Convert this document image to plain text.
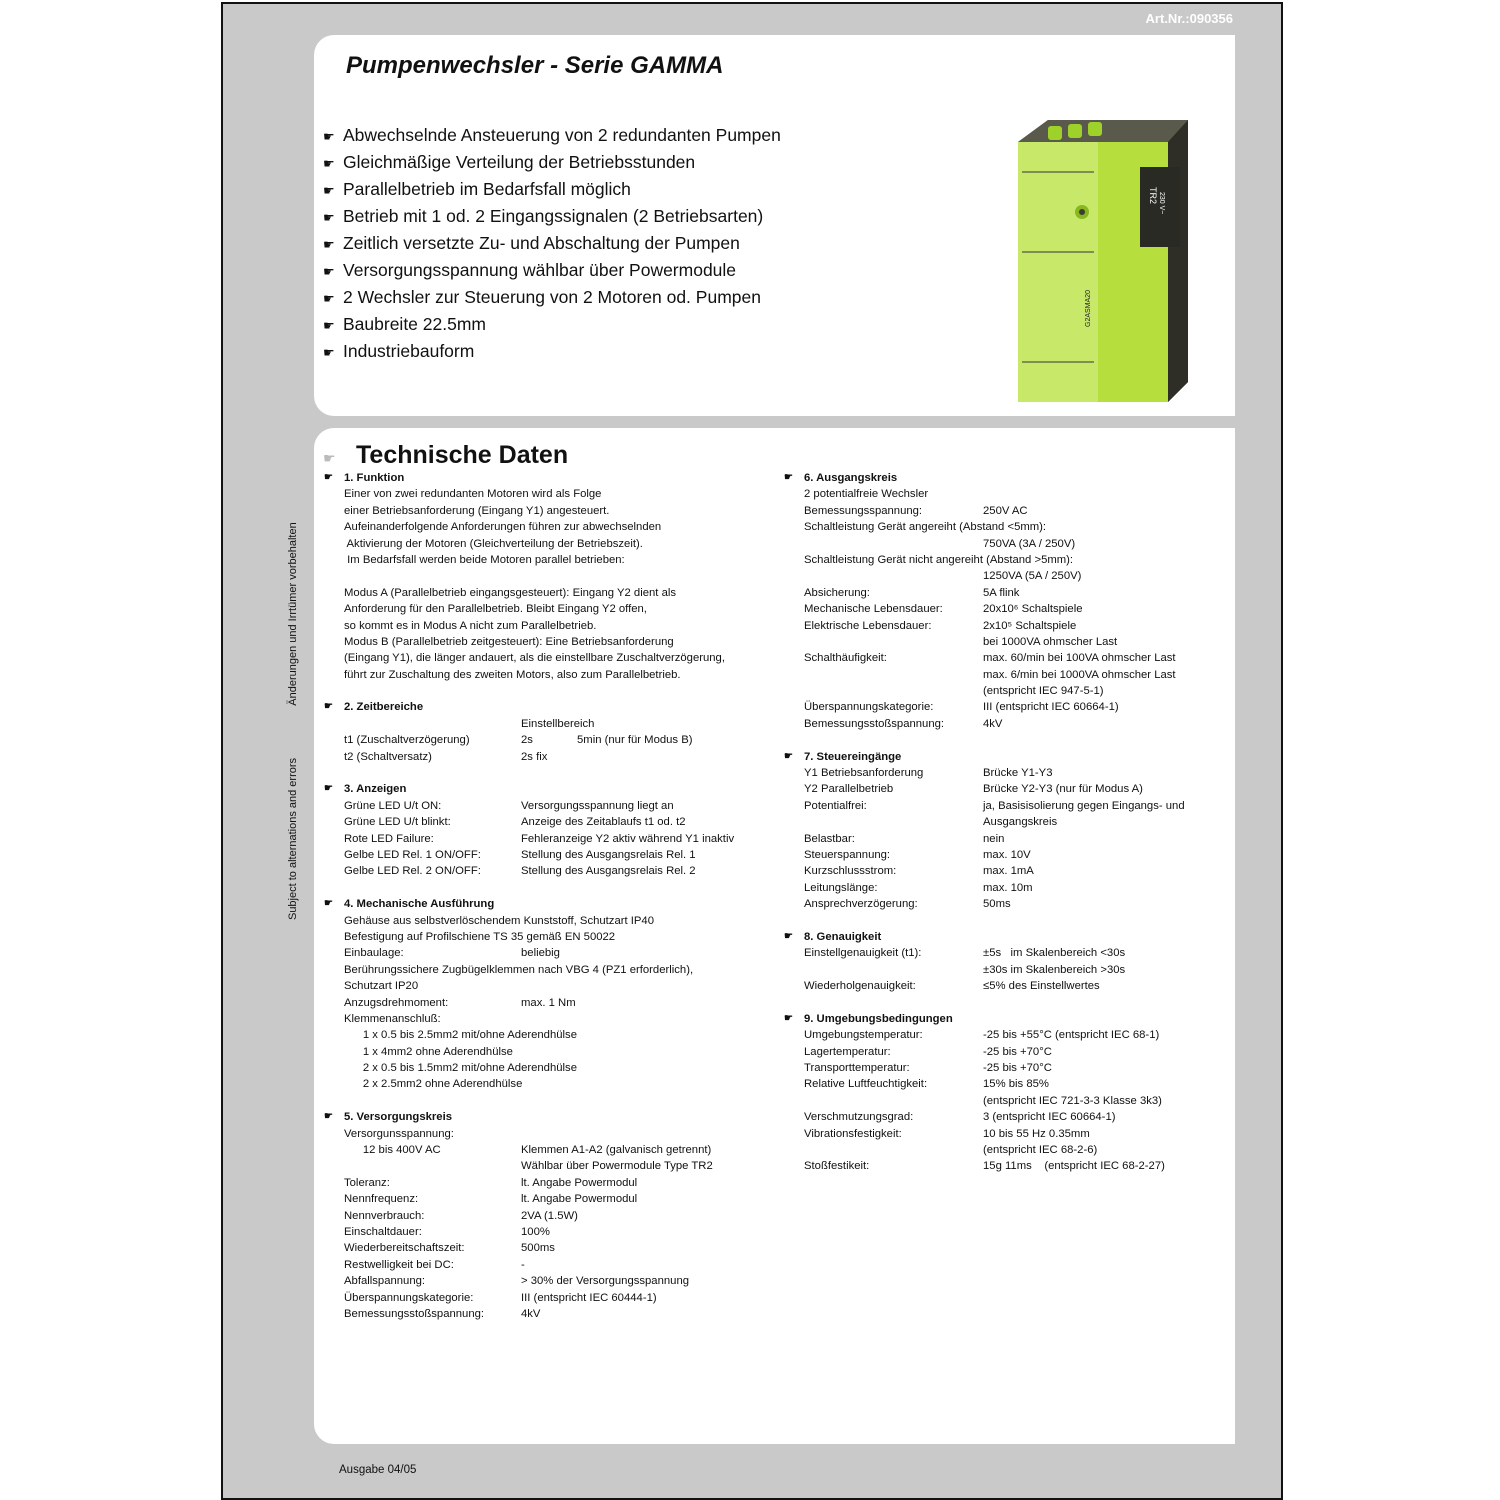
Art.Nr.:090356
Pumpenwechsler - Serie GAMMA	G2ASMA20
☛ Abwechselnde Ansteuerung von 2 redundanten Pumpen
☛ Gleichmäßige Verteilung der Betriebsstunden
☛ Parallelbetrieb im Bedarfsfall möglich
☛ Betrieb mit 1 od. 2 Eingangssignalen (2 Betriebsarten)
☛ Zeitlich versetzte Zu- und Abschaltung der Pumpen
☛ Versorgungsspannung wählbar über Powermodule
☛ 2 Wechsler zur Steuerung von 2 Motoren od. Pumpen
☛ Baubreite 22.5mm
☛ Industriebauform
TR2 230 V~
G2ASMA20
☛ Technische Daten
Änderungen und Irrtümer vorbehalten
Subject to alternations and errors
☛ 1. Funktion
Einer von zwei redundanten Motoren wird als Folge
einer Betriebsanforderung (Eingang Y1) angesteuert.
Aufeinanderfolgende Anforderungen führen zur abwechselnden
Aktivierung der Motoren (Gleichverteilung der Betriebszeit).
Im Bedarfsfall werden beide Motoren parallel betrieben:
Modus A (Parallelbetrieb eingangsgesteuert): Eingang Y2 dient als
Anforderung für den Parallelbetrieb. Bleibt Eingang Y2 offen,
so kommt es in Modus A nicht zum Parallelbetrieb.
Modus B (Parallelbetrieb zeitgesteuert): Eine Betriebsanforderung
(Eingang Y1), die länger andauert, als die einstellbare Zuschaltverzögerung,
führt zur Zuschaltung des zweiten Motors, also zum Parallelbetrieb.
☛ 2. Zeitbereiche
Einstellbereich
t1 (Zuschaltverzögerung)	2s	5min (nur für Modus B)
t2 (Schaltversatz)	2s fix
☛ 3. Anzeigen
Grüne LED U/t ON:	Versorgungsspannung liegt an
Grüne LED U/t blinkt:	Anzeige des Zeitablaufs t1 od. t2
Rote LED Failure:	Fehleranzeige Y2 aktiv während Y1 inaktiv
Gelbe LED Rel. 1 ON/OFF:	Stellung des Ausgangsrelais Rel. 1
Gelbe LED Rel. 2 ON/OFF:	Stellung des Ausgangsrelais Rel. 2
☛ 4. Mechanische Ausführung
Gehäuse aus selbstverlöschendem Kunststoff, Schutzart IP40
Befestigung auf Profilschiene TS 35 gemäß EN 50022
Einbaulage:	beliebig
Berührungssichere Zugbügelklemmen nach VBG 4 (PZ1 erforderlich),
Schutzart IP20
Anzugsdrehmoment:	max. 1 Nm
Klemmenanschluß:
1 x 0.5 bis 2.5mm2 mit/ohne Aderendhülse
1 x 4mm2 ohne Aderendhülse
2 x 0.5 bis 1.5mm2 mit/ohne Aderendhülse
2 x 2.5mm2 ohne Aderendhülse
☛ 5. Versorgungskreis
Versorgunsspannung:
12 bis 400V AC	Klemmen A1-A2 (galvanisch getrennt)
Wählbar über Powermodule Type TR2
Toleranz:	lt. Angabe Powermodul
Nennfrequenz:	lt. Angabe Powermodul
Nennverbrauch:	2VA (1.5W)
Einschaltdauer:	100%
Wiederbereitschaftszeit:	500ms
Restwelligkeit bei DC:	-
Abfallspannung:	> 30% der Versorgungsspannung
Überspannungskategorie:	III (entspricht IEC 60444-1)
Bemessungsstoßspannung:	4kV
☛ 6. Ausgangskreis
2 potentialfreie Wechsler
Bemessungsspannung:	250V AC
Schaltleistung Gerät angereiht (Abstand <5mm):
750VA (3A / 250V)
Schaltleistung Gerät nicht angereiht (Abstand >5mm):
1250VA (5A / 250V)
Absicherung:	5A flink
Mechanische Lebensdauer:	20x10⁶ Schaltspiele
Elektrische Lebensdauer:	2x10⁵ Schaltspiele
bei 1000VA ohmscher Last
Schalthäufigkeit:	max. 60/min bei 100VA ohmscher Last
max. 6/min bei 1000VA ohmscher Last
(entspricht IEC 947-5-1)
Überspannungskategorie:	III (entspricht IEC 60664-1)
Bemessungsstoßspannung:	4kV
☛ 7. Steuereingänge
Y1 Betriebsanforderung	Brücke Y1-Y3
Y2 Parallelbetrieb	Brücke Y2-Y3 (nur für Modus A)
Potentialfrei:	ja, Basisisolierung gegen Eingangs- und
Ausgangskreis
Belastbar:	nein
Steuerspannung:	max. 10V
Kurzschlussstrom:	max. 1mA
Leitungslänge:	max. 10m
Ansprechverzögerung:	50ms
☛ 8. Genauigkeit
Einstellgenauigkeit (t1):	±5s   im Skalenbereich <30s
±30s im Skalenbereich >30s
Wiederholgenauigkeit:	≤5% des Einstellwertes
☛ 9. Umgebungsbedingungen
Umgebungstemperatur:	-25 bis +55°C (entspricht IEC 68-1)
Lagertemperatur:	-25 bis +70°C
Transporttemperatur:	-25 bis +70°C
Relative Luftfeuchtigkeit:	15% bis 85%
(entspricht IEC 721-3-3 Klasse 3k3)
Verschmutzungsgrad:	3 (entspricht IEC 60664-1)
Vibrationsfestigkeit:	10 bis 55 Hz 0.35mm
(entspricht IEC 68-2-6)
Stoßfestikeit:	15g 11ms    (entspricht IEC 68-2-27)
Ausgabe 04/05
